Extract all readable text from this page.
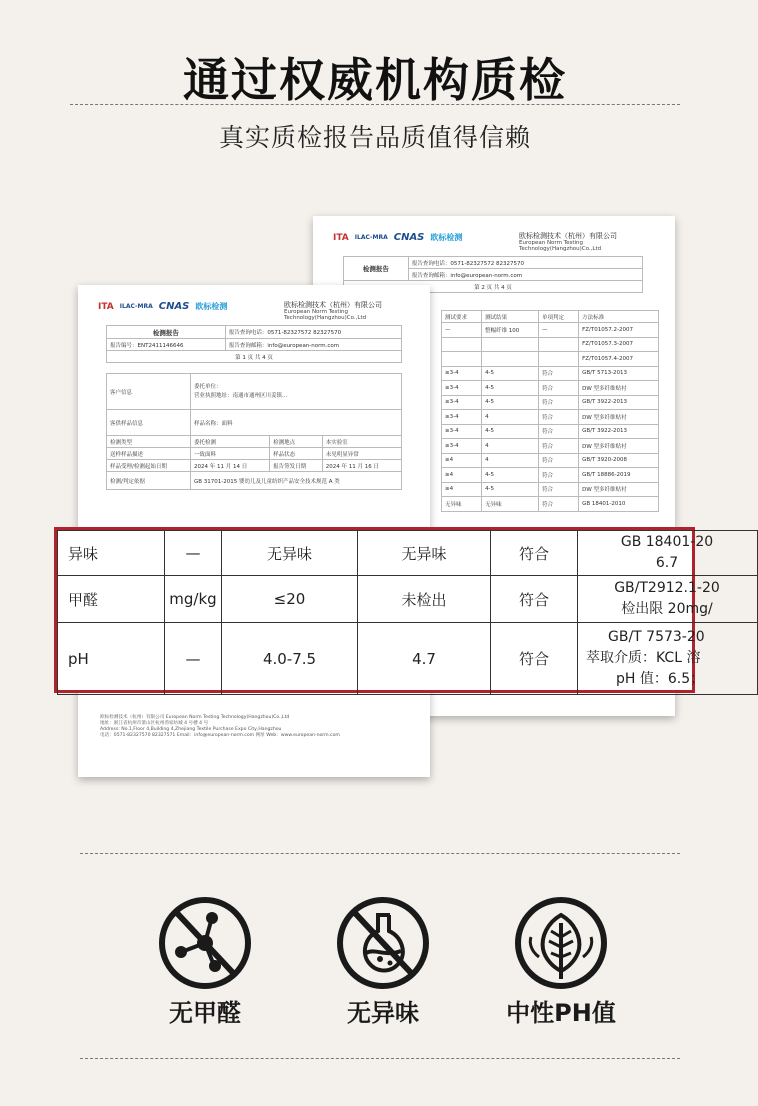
通过权威机构质检
真实质检报告品质值得信赖
ITA ILAC-MRA CNAS 欧标检测	欧标检测技术（杭州）有限公司
European Norm Testing Technology(Hangzhou)Co.,Ltd
检测报告	报告查询电话：0571-82327572 82327570
报告查询邮箱：info@european-norm.com
第 2 页 共 4 页
测试要求	测试结果	单项判定	方法标准
—	整幅纤维 100	—	FZ/T01057.2-2007
			FZ/T01057.3-2007
			FZ/T01057.4-2007
≥3-4	4-5	符合	GB/T 5713-2013
≥3-4	4-5	符合	DW 型多纤维贴衬
≥3-4	4-5	符合	GB/T 3922-2013
≥3-4	4	符合	DW 型多纤维贴衬
≥3-4	4-5	符合	GB/T 3922-2013
≥3-4	4	符合	DW 型多纤维贴衬
≥4	4	符合	GB/T 3920-2008
≥4	4-5	符合	GB/T 18886-2019
≥4	4-5	符合	DW 型多纤维贴衬
无异味	无异味	符合	GB 18401-2010
ITA ILAC-MRA CNAS 欧标检测	欧标检测技术（杭州）有限公司
European Norm Testing Technology(Hangzhou)Co.,Ltd
检测报告	报告查询电话：0571-82327572 82327570
报告编号：ENT2411146646	报告查询邮箱：info@european-norm.com
第 1 页 共 4 页	
客户信息	委托单位：
营业执照地址：南通市通州区川姜镇...		

客供样品信息	样品名称：面料		
检测类型	委托检测	检测地点	本实验室
送样样品描述	一致面料	样品状态	未见明显异常
样品受理/检测起始日期	2024 年 11 月 14 日	报告签发日期	2024 年 11 月 16 日
检测/判定依据	GB 31701-2015 婴幼儿及儿童纺织产品安全技术规范 A 类		
欧标检测技术（杭州）有限公司 European Norm Testing Technology(Hangzhou)Co.,Ltd
地址：浙江省杭州市萧山区杭州湾家纺城 4 号楼 4 号
Address: No.1,Floor 4,Building 4,Zhejiang Textile Purchase Expo City,Hangzhou
电话：0571-82327570 82327571 Email：info@european-norm.com 网址 Web：www.european-norm.com
异味	—	无异味	无异味	符合	GB 18401-20
6.7

甲醛	mg/kg	≤20	未检出	符合	GB/T2912.1-20
检出限 20mg/

pH	—	4.0-7.5	4.7	符合	GB/T 7573-20
萃取介质：KCL 溶
pH 值：6.5；
无甲醛	无异味	中性PH值
